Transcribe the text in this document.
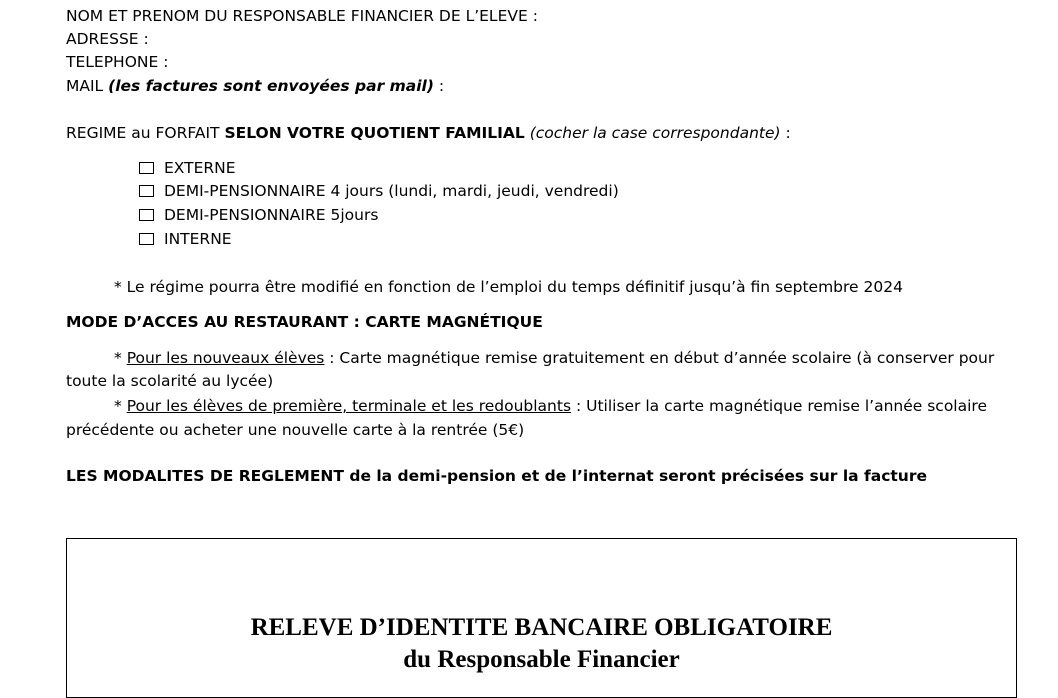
NOM ET PRENOM DU RESPONSABLE FINANCIER DE L’ELEVE :
ADRESSE :
TELEPHONE :
MAIL (les factures sont envoyées par mail) :
REGIME au FORFAIT SELON VOTRE QUOTIENT FAMILIAL (cocher la case correspondante) :
EXTERNE
DEMI-PENSIONNAIRE 4 jours (lundi, mardi, jeudi, vendredi)
DEMI-PENSIONNAIRE 5jours
INTERNE
* Le régime pourra être modifié en fonction de l’emploi du temps définitif jusqu’à fin septembre 2024
MODE D’ACCES AU RESTAURANT : CARTE MAGNÉTIQUE
* Pour les nouveaux élèves : Carte magnétique remise gratuitement en début d’année scolaire (à conserver pour
toute la scolarité au lycée)
* Pour les élèves de première, terminale et les redoublants : Utiliser la carte magnétique remise l’année scolaire
précédente ou acheter une nouvelle carte à la rentrée (5€)
LES MODALITES DE REGLEMENT de la demi-pension et de l’internat seront précisées sur la facture
RELEVE D’IDENTITE BANCAIRE OBLIGATOIRE
du Responsable Financier
